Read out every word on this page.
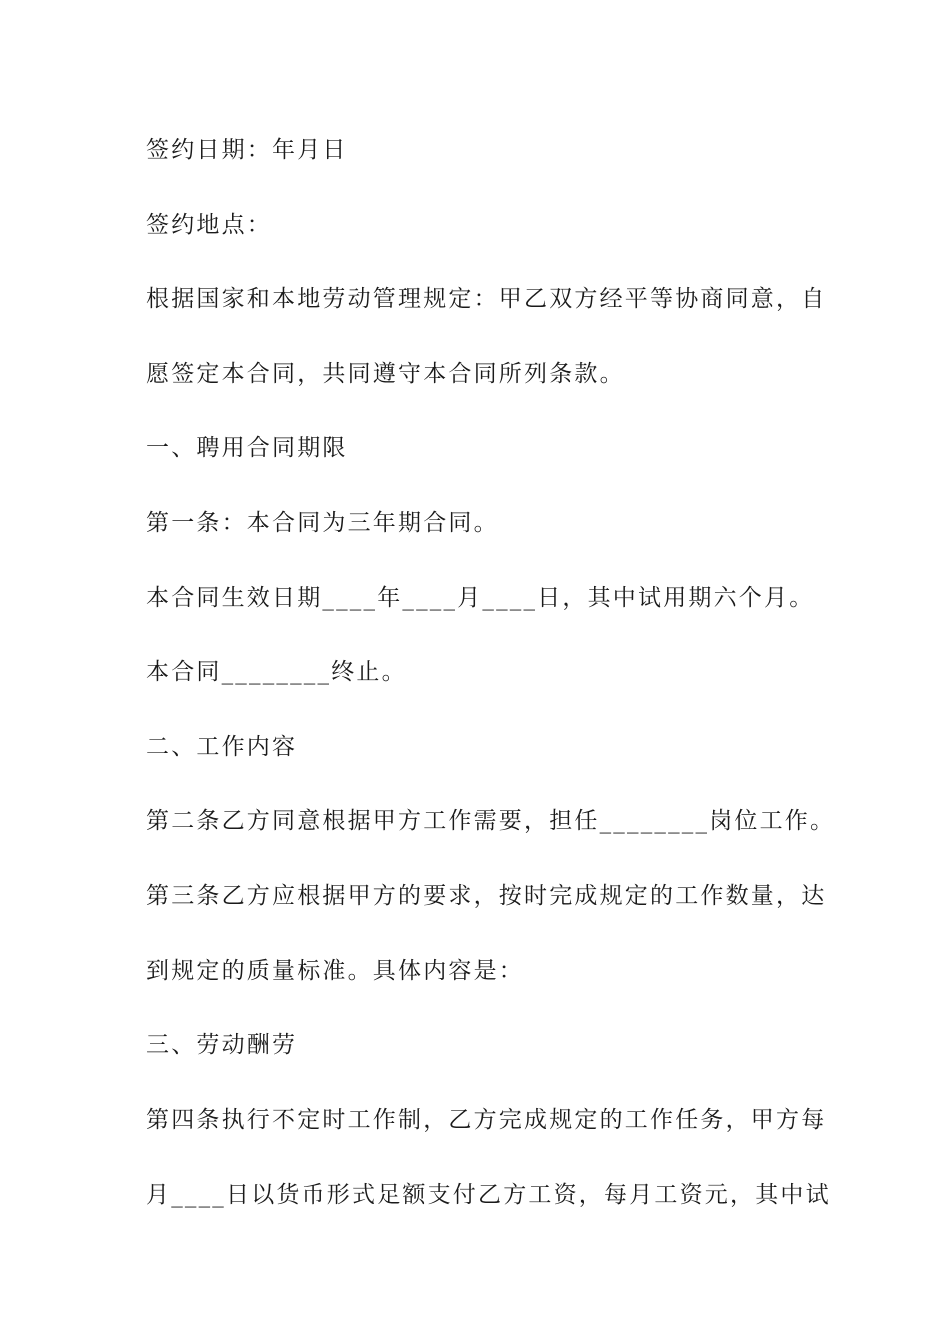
签约日期：年月日
签约地点：
根据国家和本地劳动管理规定：甲乙双方经平等协商同意，自
愿签定本合同，共同遵守本合同所列条款。
一、聘用合同期限
第一条：本合同为三年期合同。
本合同生效日期____年____月____日，其中试用期六个月。
本合同________终止。
二、工作内容
第二条乙方同意根据甲方工作需要，担任________岗位工作。
第三条乙方应根据甲方的要求，按时完成规定的工作数量，达
到规定的质量标准。具体内容是：
三、劳动酬劳
第四条执行不定时工作制，乙方完成规定的工作任务，甲方每
月____日以货币形式足额支付乙方工资，每月工资元，其中试
